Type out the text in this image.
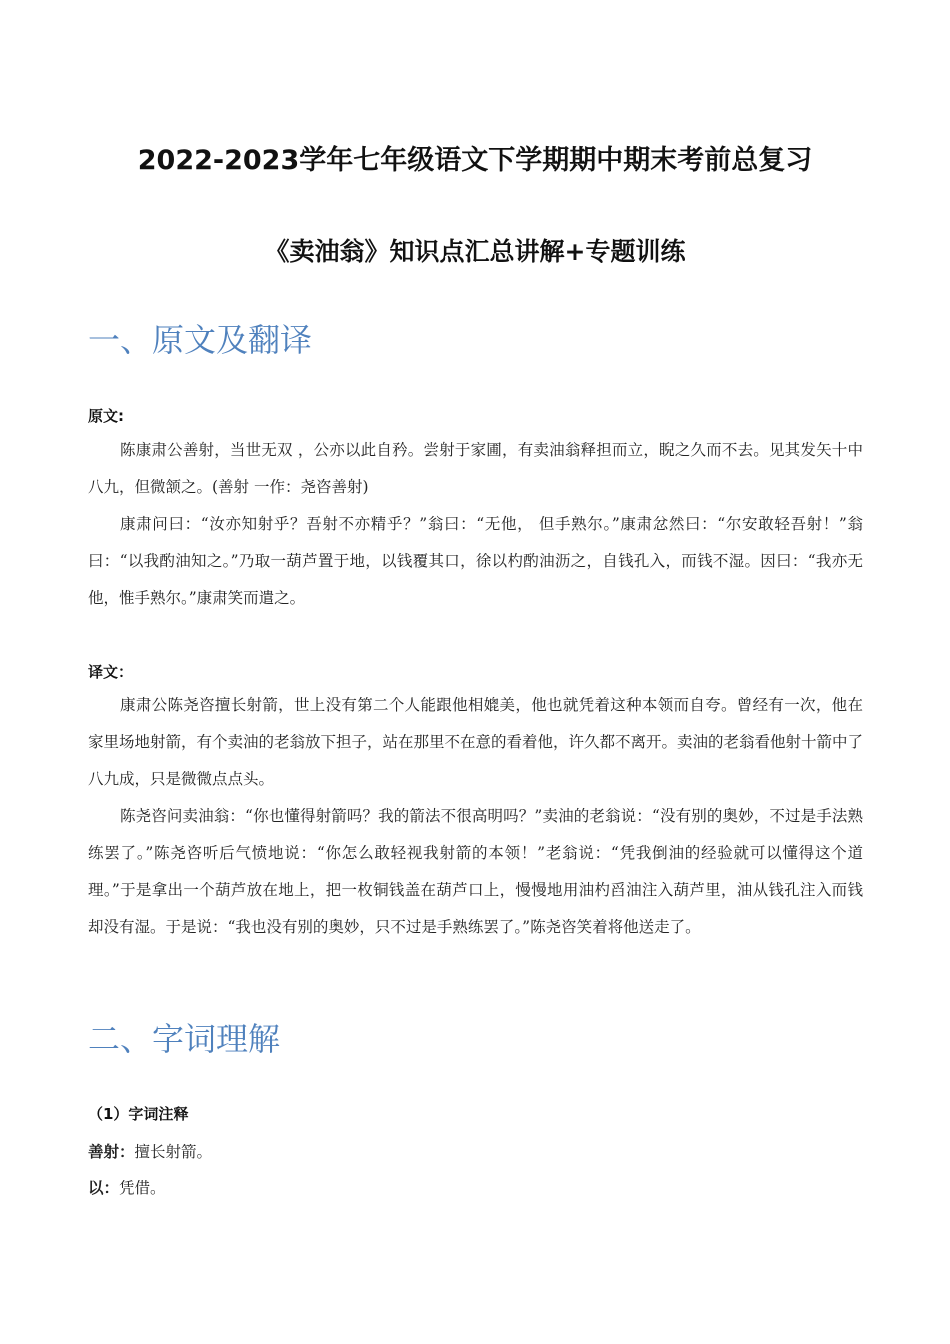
2022-2023学年七年级语文下学期期中期末考前总复习
《卖油翁》知识点汇总讲解+专题训练
一、原文及翻译
原文:

陈康肃公善射，当世无双 ，公亦以此自矜。尝射于家圃，有卖油翁释担而立，睨之久而不去。见其发矢十中八九，但微颔之。(善射 一作：尧咨善射)

康肃问曰：“汝亦知射乎？吾射不亦精乎？”翁曰：“无他， 但手熟尔。”康肃忿然曰：“尔安敢轻吾射！”翁曰：“以我酌油知之。”乃取一葫芦置于地，以钱覆其口，徐以杓酌油沥之，自钱孔入，而钱不湿。因曰：“我亦无他，惟手熟尔。”康肃笑而遣之。

译文：

康肃公陈尧咨擅长射箭，世上没有第二个人能跟他相媲美，他也就凭着这种本领而自夸。曾经有一次，他在家里场地射箭，有个卖油的老翁放下担子，站在那里不在意的看着他，许久都不离开。卖油的老翁看他射十箭中了八九成，只是微微点点头。

陈尧咨问卖油翁：“你也懂得射箭吗？我的箭法不很高明吗？”卖油的老翁说：“没有别的奥妙，不过是手法熟练罢了。”陈尧咨听后气愤地说：“你怎么敢轻视我射箭的本领！”老翁说：“凭我倒油的经验就可以懂得这个道理。”于是拿出一个葫芦放在地上，把一枚铜钱盖在葫芦口上，慢慢地用油杓舀油注入葫芦里，油从钱孔注入而钱却没有湿。于是说：“我也没有别的奥妙，只不过是手熟练罢了。”陈尧咨笑着将他送走了。

二、字词理解
（1）字词注释
善射：擅长射箭。
以：凭借。
